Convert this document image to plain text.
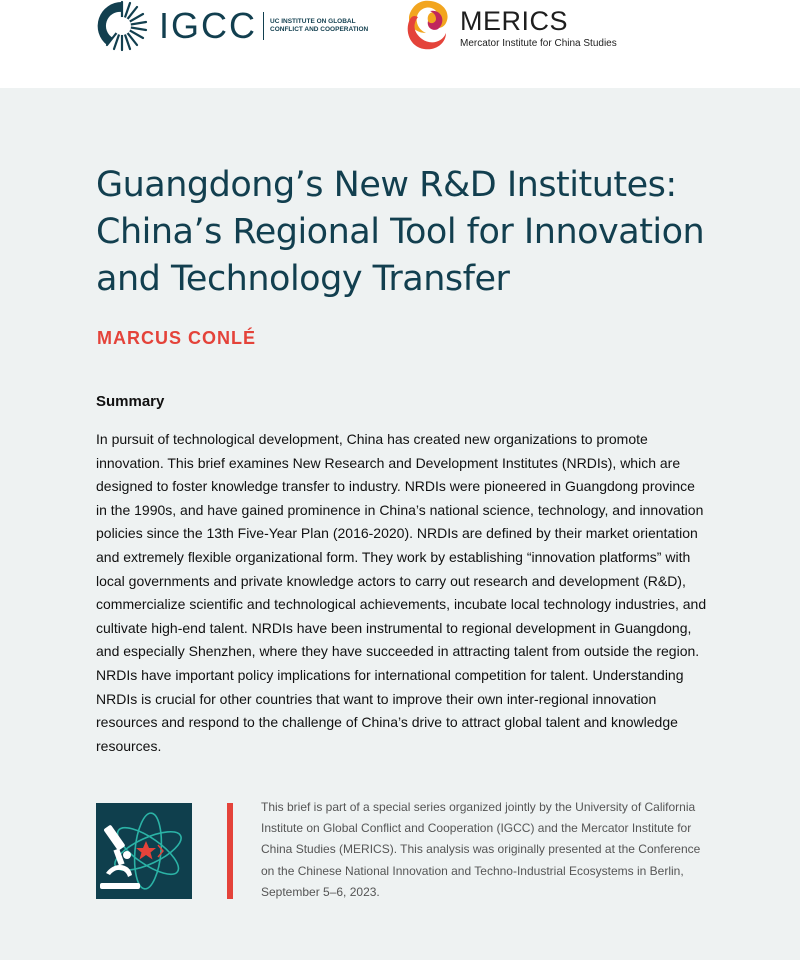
IGCC UC INSTITUTE ON GLOBAL CONFLICT AND COOPERATION	MERICS
Mercator Institute for China Studies
Guangdong’s New R&D Institutes: China’s Regional Tool for Innovation and Technology Transfer
MARCUS CONLÉ
Summary

In pursuit of technological development, China has created new organizations to promote innovation. This brief examines New Research and Development Institutes (NRDIs), which are designed to foster knowledge transfer to industry. NRDIs were pioneered in Guangdong province in the 1990s, and have gained prominence in China’s national science, technology, and innovation policies since the 13th Five-Year Plan (2016-2020). NRDIs are defined by their market orientation and extremely flexible organizational form. They work by establishing “innovation platforms” with local governments and private knowledge actors to carry out research and development (R&D), commercialize scientific and technological achievements, incubate local technology industries, and cultivate high-end talent. NRDIs have been instrumental to regional development in Guangdong, and especially Shenzhen, where they have succeeded in attracting talent from outside the region. NRDIs have important policy implications for international competition for talent. Understanding NRDIs is crucial for other countries that want to improve their own inter-regional innovation resources and respond to the challenge of China’s drive to attract global talent and knowledge resources.

This brief is part of a special series organized jointly by the University of California Institute on Global Conflict and Cooperation (IGCC) and the Mercator Institute for China Studies (MERICS). This analysis was originally presented at the Conference on the Chinese National Innovation and Techno-Industrial Ecosystems in Berlin, September 5–6, 2023.
